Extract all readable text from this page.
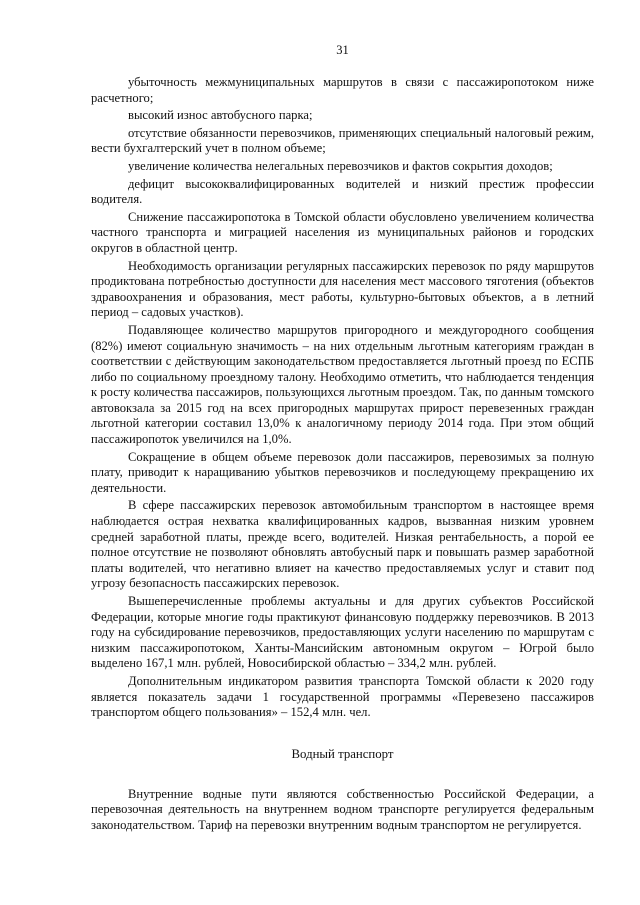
31

убыточность межмуниципальных маршрутов в связи с пассажиропотоком ниже расчетного;

высокий износ автобусного парка;

отсутствие обязанности перевозчиков, применяющих специальный налоговый режим, вести бухгалтерский учет в полном объеме;

увеличение количества нелегальных перевозчиков и фактов сокрытия доходов;

дефицит высококвалифицированных водителей и низкий престиж профессии водителя.

Снижение пассажиропотока в Томской области обусловлено увеличением количества частного транспорта и миграцией населения из муниципальных районов и городских округов в областной центр.

Необходимость организации регулярных пассажирских перевозок по ряду маршрутов продиктована потребностью доступности для населения мест массового тяготения (объектов здравоохранения и образования, мест работы, культурно-бытовых объектов, а в летний период – садовых участков).

Подавляющее количество маршрутов пригородного и междугородного сообщения (82%) имеют социальную значимость – на них отдельным льготным категориям граждан в соответствии с действующим законодательством предоставляется льготный проезд по ЕСПБ либо по социальному проездному талону. Необходимо отметить, что наблюдается тенденция к росту количества пассажиров, пользующихся льготным проездом. Так, по данным томского автовокзала за 2015 год на всех пригородных маршрутах прирост перевезенных граждан льготной категории составил 13,0% к аналогичному периоду 2014 года. При этом общий пассажиропоток увеличился на 1,0%.

Сокращение в общем объеме перевозок доли пассажиров, перевозимых за полную плату, приводит к наращиванию убытков перевозчиков и последующему прекращению их деятельности.

В сфере пассажирских перевозок автомобильным транспортом в настоящее время наблюдается острая нехватка квалифицированных кадров, вызванная низким уровнем средней заработной платы, прежде всего, водителей. Низкая рентабельность, а порой ее полное отсутствие не позволяют обновлять автобусный парк и повышать размер заработной платы водителей, что негативно влияет на качество предоставляемых услуг и ставит под угрозу безопасность пассажирских перевозок.

Вышеперечисленные проблемы актуальны и для других субъектов Российской Федерации, которые многие годы практикуют финансовую поддержку перевозчиков. В 2013 году на субсидирование перевозчиков, предоставляющих услуги населению по маршрутам с низким пассажиропотоком, Ханты-Мансийским автономным округом – Югрой было выделено 167,1 млн. рублей, Новосибирской областью – 334,2 млн. рублей.

Дополнительным индикатором развития транспорта Томской области к 2020 году является показатель задачи 1 государственной программы «Перевезено пассажиров транспортом общего пользования» – 152,4 млн. чел.

Водный транспорт

Внутренние водные пути являются собственностью Российской Федерации, а перевозочная деятельность на внутреннем водном транспорте регулируется федеральным законодательством. Тариф на перевозки внутренним водным транспортом не регулируется.
